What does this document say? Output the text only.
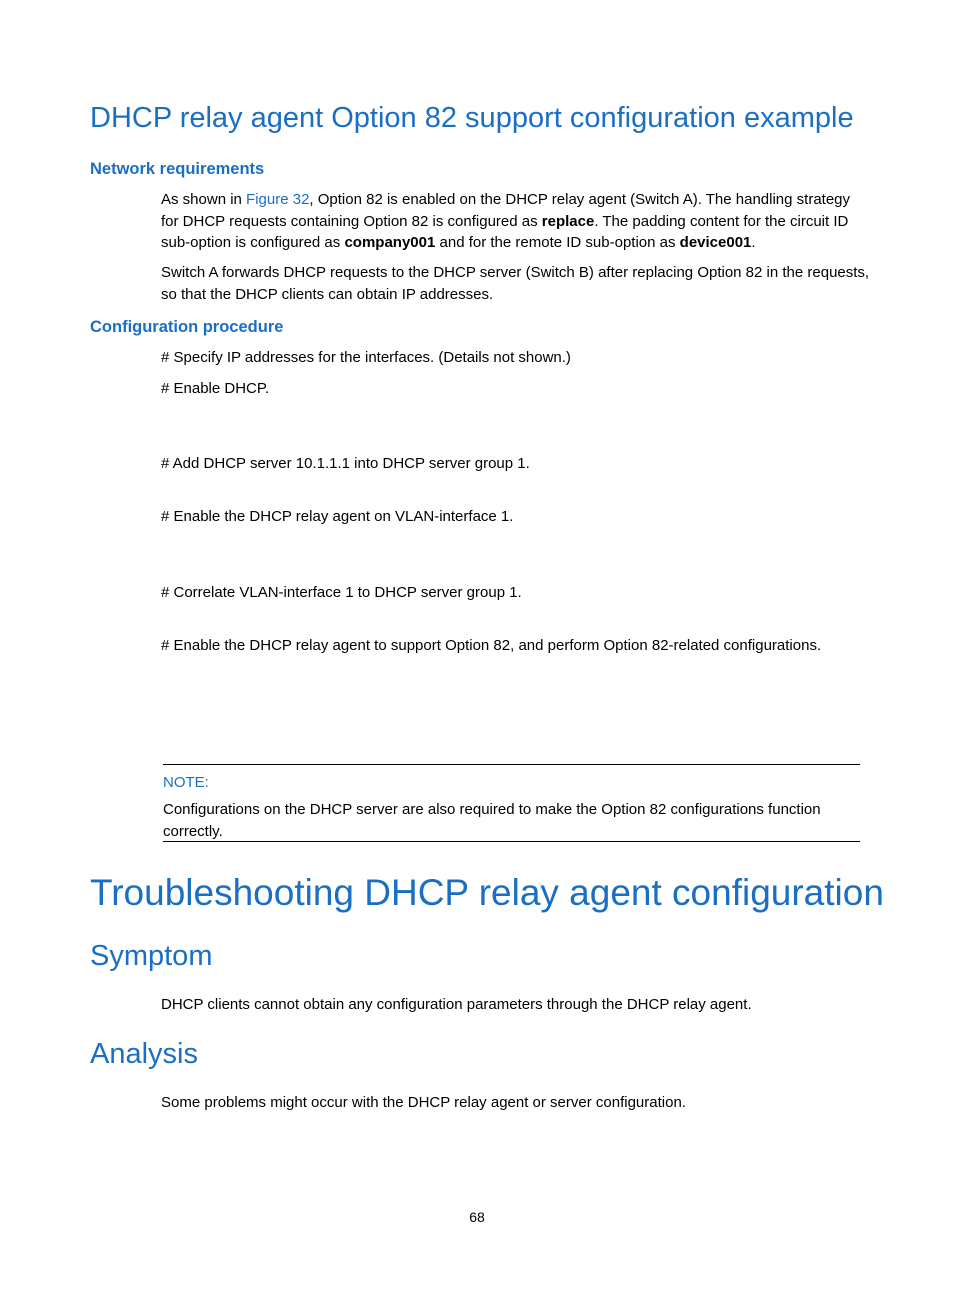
DHCP relay agent Option 82 support configuration example
Network requirements

As shown in Figure 32, Option 82 is enabled on the DHCP relay agent (Switch A). The handling strategy for DHCP requests containing Option 82 is configured as replace. The padding content for the circuit ID sub-option is configured as company001 and for the remote ID sub-option as device001.

Switch A forwards DHCP requests to the DHCP server (Switch B) after replacing Option 82 in the requests, so that the DHCP clients can obtain IP addresses.

Configuration procedure
# Specify IP addresses for the interfaces. (Details not shown.)
# Enable DHCP.
# Add DHCP server 10.1.1.1 into DHCP server group 1.
# Enable the DHCP relay agent on VLAN-interface 1.
# Correlate VLAN-interface 1 to DHCP server group 1.
# Enable the DHCP relay agent to support Option 82, and perform Option 82-related configurations.
NOTE:
Configurations on the DHCP server are also required to make the Option 82 configurations function correctly.
Troubleshooting DHCP relay agent configuration
Symptom

DHCP clients cannot obtain any configuration parameters through the DHCP relay agent.

Analysis

Some problems might occur with the DHCP relay agent or server configuration.

68
